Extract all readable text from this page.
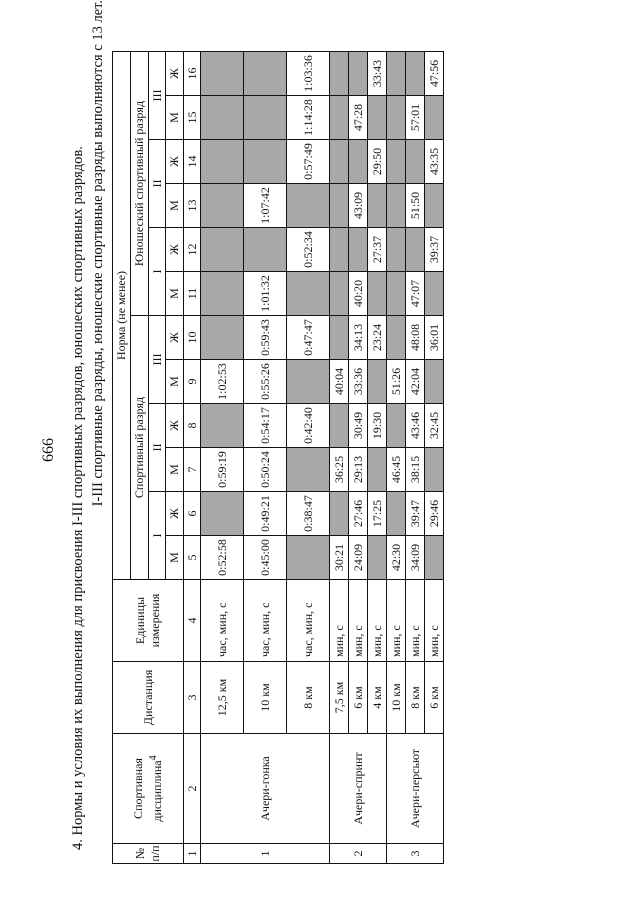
666 4. Нормы и условия их выполнения для присвоения I-III спортивных разрядов, юношеских спортивных разрядов. I-III спортивные разряды, юношеские спортивные разряды выполняются с 13 лет.
№ п/п	Спортивная дисциплина$^4$	Дистанция	Единицы измерения	Норма (не менее)											
				Спортивный разряд						Юношеский спортивный разряд					
				I		II		III		I		II		III	
				М	Ж	М	Ж	М	Ж	М	Ж	М	Ж	М	Ж
1	2	3	4	5	6	7	8	9	10	11	12	13	14	15	16
1	Ачери-гонка	12,5 км	час, мин, с	0:52:58		0:59:19		1:02:53							
		10 км	час, мин, с	0:45:00	0:49:21	0:50:24	0:54:17	0:55:26	0:59:43	1:01:32		1:07:42			
		8 км	час, мин, с		0:38:47		0:42:40		0:47:47		0:52:34		0:57:49	1:14:28	1:03:36
2	Ачери-спринт	7,5 км	мин, с	30:21		36:25		40:04							
		6 км	мин, с	24:09	27:46	29:13	30:49	33:36	34:13	40:20		43:09		47:28	
		4 км	мин, с		17:25		19:30		23:24		27:37		29:50		33:43
3	Ачери-персьют	10 км	мин, с	42:30		46:45		51:26							
		8 км	мин, с	34:09	39:47	38:15	43:46	42:04	48:08	47:07		51:50		57:01	
		6 км	мин, с		29:46		32:45		36:01		39:37		43:35		47:56
